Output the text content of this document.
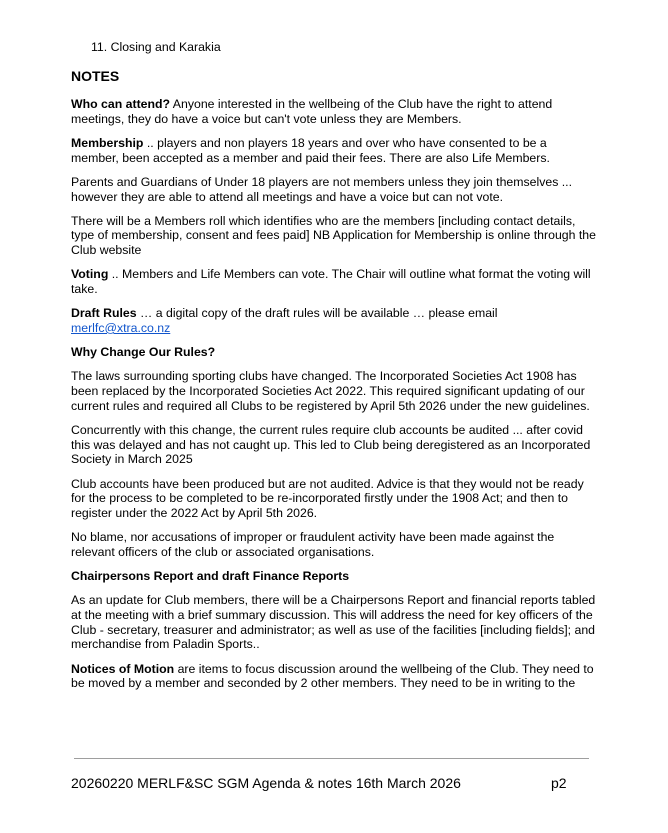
11. Closing and Karakia
NOTES

Who can attend? Anyone interested in the wellbeing of the Club have the right to attend meetings, they do have a voice but can't vote unless they are Members.

Membership .. players and non players 18 years and over who have consented to be a member, been accepted as a member and paid their fees. There are also Life Members.

Parents and Guardians of Under 18 players are not members unless they join themselves ... however they are able to attend all meetings and have a voice but can not vote.

There will be a Members roll which identifies who are the members [including contact details, type of membership, consent and fees paid] NB Application for Membership is online through the Club website

Voting .. Members and Life Members can vote. The Chair will outline what format the voting will take.

Draft Rules … a digital copy of the draft rules will be available … please email
merlfc@xtra.co.nz

Why Change Our Rules?

The laws surrounding sporting clubs have changed. The Incorporated Societies Act 1908 has been replaced by the Incorporated Societies Act 2022. This required significant updating of our current rules and required all Clubs to be registered by April 5th 2026 under the new guidelines.

Concurrently with this change, the current rules require club accounts be audited ... after covid this was delayed and has not caught up. This led to Club being deregistered as an Incorporated Society in March 2025

Club accounts have been produced but are not audited. Advice is that they would not be ready for the process to be completed to be re-incorporated firstly under the 1908 Act; and then to register under the 2022 Act by April 5th 2026.

No blame, nor accusations of improper or fraudulent activity have been made against the relevant officers of the club or associated organisations.

Chairpersons Report and draft Finance Reports

As an update for Club members, there will be a Chairpersons Report and financial reports tabled at the meeting with a brief summary discussion. This will address the need for key officers of the Club - secretary, treasurer and administrator; as well as use of the facilities [including fields]; and merchandise from Paladin Sports..

Notices of Motion are items to focus discussion around the wellbeing of the Club. They need to be moved by a member and seconded by 2 other members. They need to be in writing to the

20260220 MERLF&SC SGM Agenda & notes 16th March 2026	p2
